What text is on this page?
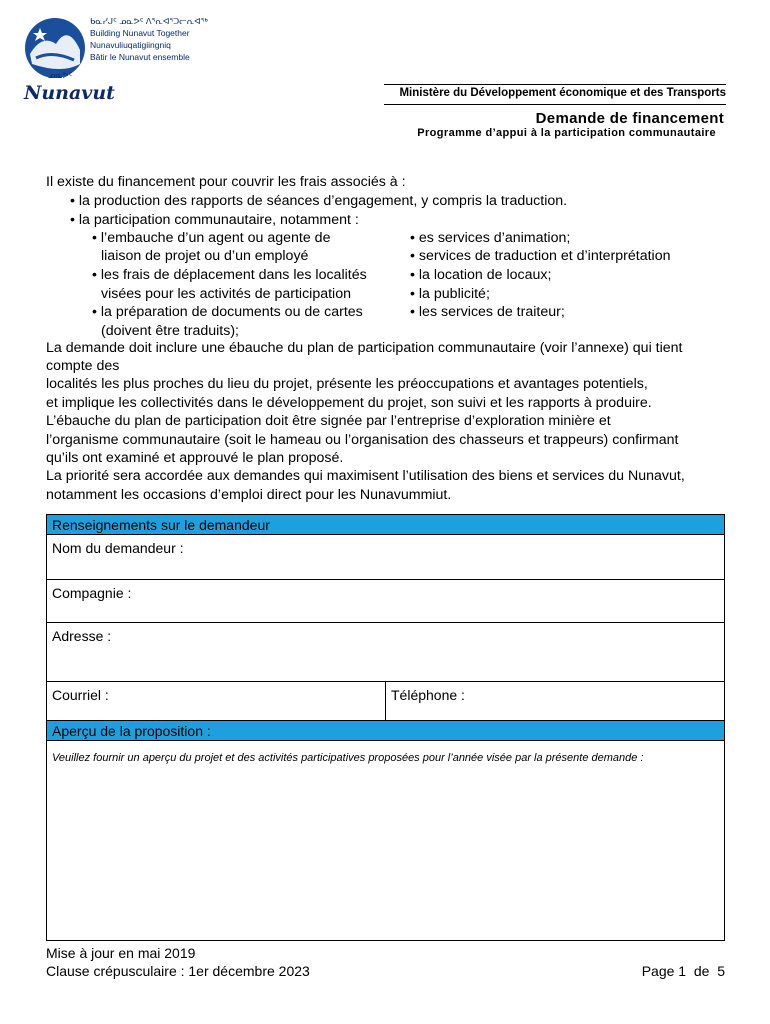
ᑲᓇᓯᒍᑦ ᓄᓇᕗᑦ ᐱᕐᕆᐊᕐᑐᓕᕆᐊᕐᒃ
Building Nunavut Together
Nunavuliuqatigiingniq
Bâtir le Nunavut ensemble
ᓄᓇᕗᑦ
Nunavut	Ministère du Développement économique et des Transports
Demande de financement
Programme d’appui à la participation communautaire
Il existe du financement pour couvrir les frais associés à :
• la production des rapports de séances d’engagement, y compris la traduction.
• la participation communautaire, notamment :
• l’embauche d’un agent ou agente de
liaison de projet ou d’un employé
• les frais de déplacement dans les localités
visées pour les activités de participation
• la préparation de documents ou de cartes
(doivent être traduits);
• es services d’animation;
• services de traduction et d’interprétation
• la location de locaux;
• la publicité;
• les services de traiteur;
La demande doit inclure une ébauche du plan de participation communautaire (voir l’annexe) qui tient
compte des
localités les plus proches du lieu du projet, présente les préoccupations et avantages potentiels,
et implique les collectivités dans le développement du projet, son suivi et les rapports à produire.
L’ébauche du plan de participation doit être signée par l’entreprise d’exploration minière et
l’organisme communautaire (soit le hameau ou l’organisation des chasseurs et trappeurs) confirmant
qu’ils ont examiné et approuvé le plan proposé.
La priorité sera accordée aux demandes qui maximisent l’utilisation des biens et services du Nunavut,
notamment les occasions d’emploi direct pour les Nunavummiut.
Renseignements sur le demandeur
Nom du demandeur :
Compagnie :
Adresse :
Courriel :	Téléphone :
Aperçu de la proposition :
Veuillez fournir un aperçu du projet et des activités participatives proposées pour l’année visée par la présente demande :
Mise à jour en mai 2019
Clause crépusculaire : 1er décembre 2023	Page 1  de  5
